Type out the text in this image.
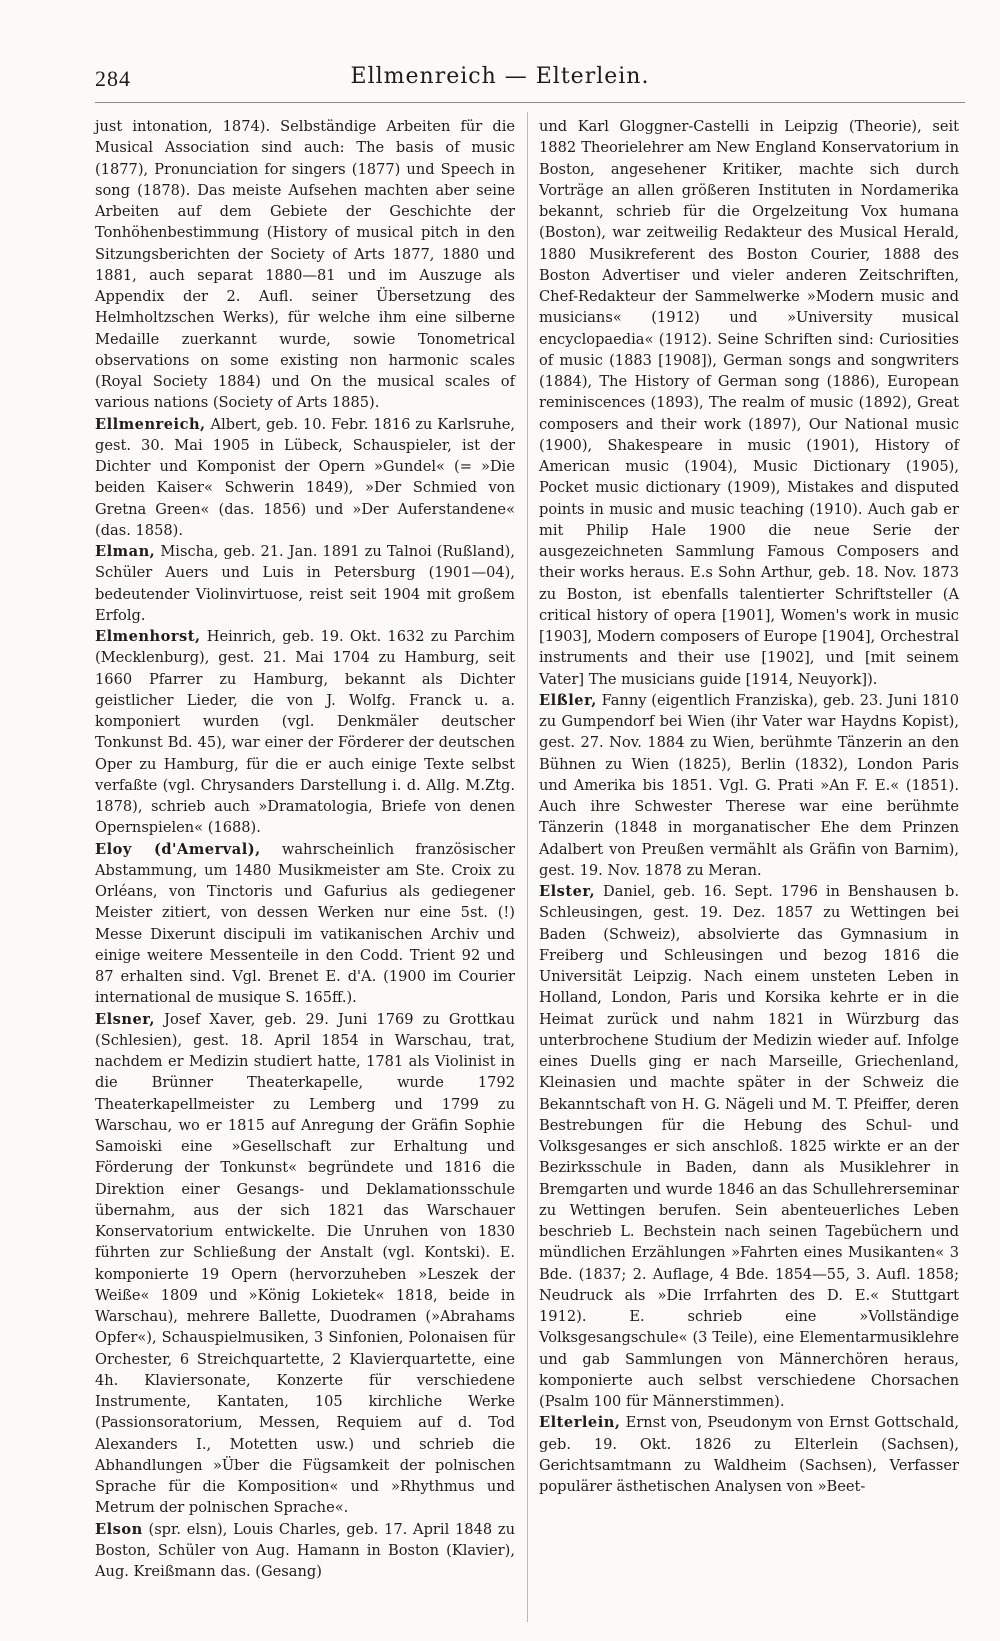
284	Ellmenreich — Elterlein.

just intonation, 1874). Selbständige Arbeiten für die Musical Association sind auch: The basis of music (1877), Pronunciation for singers (1877) und Speech in song (1878). Das meiste Aufsehen machten aber seine Arbeiten auf dem Gebiete der Geschichte der Tonhöhenbestimmung (History of musical pitch in den Sitzungsberichten der Society of Arts 1877, 1880 und 1881, auch separat 1880—81 und im Auszuge als Appendix der 2. Aufl. seiner Übersetzung des Helmholtzschen Werks), für welche ihm eine silberne Medaille zuerkannt wurde, sowie Tonometrical observations on some existing non harmonic scales (Royal Society 1884) und On the musical scales of various nations (Society of Arts 1885).

Ellmenreich, Albert, geb. 10. Febr. 1816 zu Karlsruhe, gest. 30. Mai 1905 in Lübeck, Schauspieler, ist der Dichter und Komponist der Opern »Gundel« (= »Die beiden Kaiser« Schwerin 1849), »Der Schmied von Gretna Green« (das. 1856) und »Der Auferstandene« (das. 1858).

Elman, Mischa, geb. 21. Jan. 1891 zu Talnoi (Rußland), Schüler Auers und Luis in Petersburg (1901—04), bedeutender Violinvirtuose, reist seit 1904 mit großem Erfolg.

Elmenhorst, Heinrich, geb. 19. Okt. 1632 zu Parchim (Mecklenburg), gest. 21. Mai 1704 zu Hamburg, seit 1660 Pfarrer zu Hamburg, bekannt als Dichter geistlicher Lieder, die von J. Wolfg. Franck u. a. komponiert wurden (vgl. Denkmäler deutscher Tonkunst Bd. 45), war einer der Förderer der deutschen Oper zu Hamburg, für die er auch einige Texte selbst verfaßte (vgl. Chrysanders Darstellung i. d. Allg. M.Ztg. 1878), schrieb auch »Dramatologia, Briefe von denen Opernspielen« (1688).

Eloy (d'Amerval), wahrscheinlich französischer Abstammung, um 1480 Musikmeister am Ste. Croix zu Orléans, von Tinctoris und Gafurius als gediegener Meister zitiert, von dessen Werken nur eine 5st. (!) Messe Dixerunt discipuli im vatikanischen Archiv und einige weitere Messenteile in den Codd. Trient 92 und 87 erhalten sind. Vgl. Brenet E. d'A. (1900 im Courier international de musique S. 165ff.).

Elsner, Josef Xaver, geb. 29. Juni 1769 zu Grottkau (Schlesien), gest. 18. April 1854 in Warschau, trat, nachdem er Medizin studiert hatte, 1781 als Violinist in die Brünner Theaterkapelle, wurde 1792 Theaterkapellmeister zu Lemberg und 1799 zu Warschau, wo er 1815 auf Anregung der Gräfin Sophie Samoiski eine »Gesellschaft zur Erhaltung und Förderung der Tonkunst« begründete und 1816 die Direktion einer Gesangs- und Deklamationsschule übernahm, aus der sich 1821 das Warschauer Konservatorium entwickelte. Die Unruhen von 1830 führten zur Schließung der Anstalt (vgl. Kontski). E. komponierte 19 Opern (hervorzuheben »Leszek der Weiße« 1809 und »König Lokietek« 1818, beide in Warschau), mehrere Ballette, Duodramen (»Abrahams Opfer«), Schauspielmusiken, 3 Sinfonien, Polonaisen für Orchester, 6 Streichquartette, 2 Klavierquartette, eine 4h. Klaviersonate, Konzerte für verschiedene Instrumente, Kantaten, 105 kirchliche Werke (Passionsoratorium, Messen, Requiem auf d. Tod Alexanders I., Motetten usw.) und schrieb die Abhandlungen »Über die Fügsamkeit der polnischen Sprache für die Komposition« und »Rhythmus und Metrum der polnischen Sprache«.

Elson (spr. elsn), Louis Charles, geb. 17. April 1848 zu Boston, Schüler von Aug. Hamann in Boston (Klavier), Aug. Kreißmann das. (Gesang)

und Karl Gloggner-Castelli in Leipzig (Theorie), seit 1882 Theorielehrer am New England Konservatorium in Boston, angesehener Kritiker, machte sich durch Vorträge an allen größeren Instituten in Nordamerika bekannt, schrieb für die Orgelzeitung Vox humana (Boston), war zeitweilig Redakteur des Musical Herald, 1880 Musikreferent des Boston Courier, 1888 des Boston Advertiser und vieler anderen Zeitschriften, Chef-Redakteur der Sammelwerke »Modern music and musicians« (1912) und »University musical encyclopaedia« (1912). Seine Schriften sind: Curiosities of music (1883 [1908]), German songs and songwriters (1884), The History of German song (1886), European reminiscences (1893), The realm of music (1892), Great composers and their work (1897), Our National music (1900), Shakespeare in music (1901), History of American music (1904), Music Dictionary (1905), Pocket music dictionary (1909), Mistakes and disputed points in music and music teaching (1910). Auch gab er mit Philip Hale 1900 die neue Serie der ausgezeichneten Sammlung Famous Composers and their works heraus. E.s Sohn Arthur, geb. 18. Nov. 1873 zu Boston, ist ebenfalls talentierter Schriftsteller (A critical history of opera [1901], Women's work in music [1903], Modern composers of Europe [1904], Orchestral instruments and their use [1902], und [mit seinem Vater] The musicians guide [1914, Neuyork]).

Elßler, Fanny (eigentlich Franziska), geb. 23. Juni 1810 zu Gumpendorf bei Wien (ihr Vater war Haydns Kopist), gest. 27. Nov. 1884 zu Wien, berühmte Tänzerin an den Bühnen zu Wien (1825), Berlin (1832), London Paris und Amerika bis 1851. Vgl. G. Prati »An F. E.« (1851). Auch ihre Schwester Therese war eine berühmte Tänzerin (1848 in morganatischer Ehe dem Prinzen Adalbert von Preußen vermählt als Gräfin von Barnim), gest. 19. Nov. 1878 zu Meran.

Elster, Daniel, geb. 16. Sept. 1796 in Benshausen b. Schleusingen, gest. 19. Dez. 1857 zu Wettingen bei Baden (Schweiz), absolvierte das Gymnasium in Freiberg und Schleusingen und bezog 1816 die Universität Leipzig. Nach einem unsteten Leben in Holland, London, Paris und Korsika kehrte er in die Heimat zurück und nahm 1821 in Würzburg das unterbrochene Studium der Medizin wieder auf. Infolge eines Duells ging er nach Marseille, Griechenland, Kleinasien und machte später in der Schweiz die Bekanntschaft von H. G. Nägeli und M. T. Pfeiffer, deren Bestrebungen für die Hebung des Schul- und Volksgesanges er sich anschloß. 1825 wirkte er an der Bezirksschule in Baden, dann als Musiklehrer in Bremgarten und wurde 1846 an das Schullehrerseminar zu Wettingen berufen. Sein abenteuerliches Leben beschrieb L. Bechstein nach seinen Tagebüchern und mündlichen Erzählungen »Fahrten eines Musikanten« 3 Bde. (1837; 2. Auflage, 4 Bde. 1854—55, 3. Aufl. 1858; Neudruck als »Die Irrfahrten des D. E.« Stuttgart 1912). E. schrieb eine »Vollständige Volksgesangschule« (3 Teile), eine Elementarmusiklehre und gab Sammlungen von Männerchören heraus, komponierte auch selbst verschiedene Chorsachen (Psalm 100 für Männerstimmen).

Elterlein, Ernst von, Pseudonym von Ernst Gottschald, geb. 19. Okt. 1826 zu Elterlein (Sachsen), Gerichtsamtmann zu Waldheim (Sachsen), Verfasser populärer ästhetischen Analysen von »Beet-
